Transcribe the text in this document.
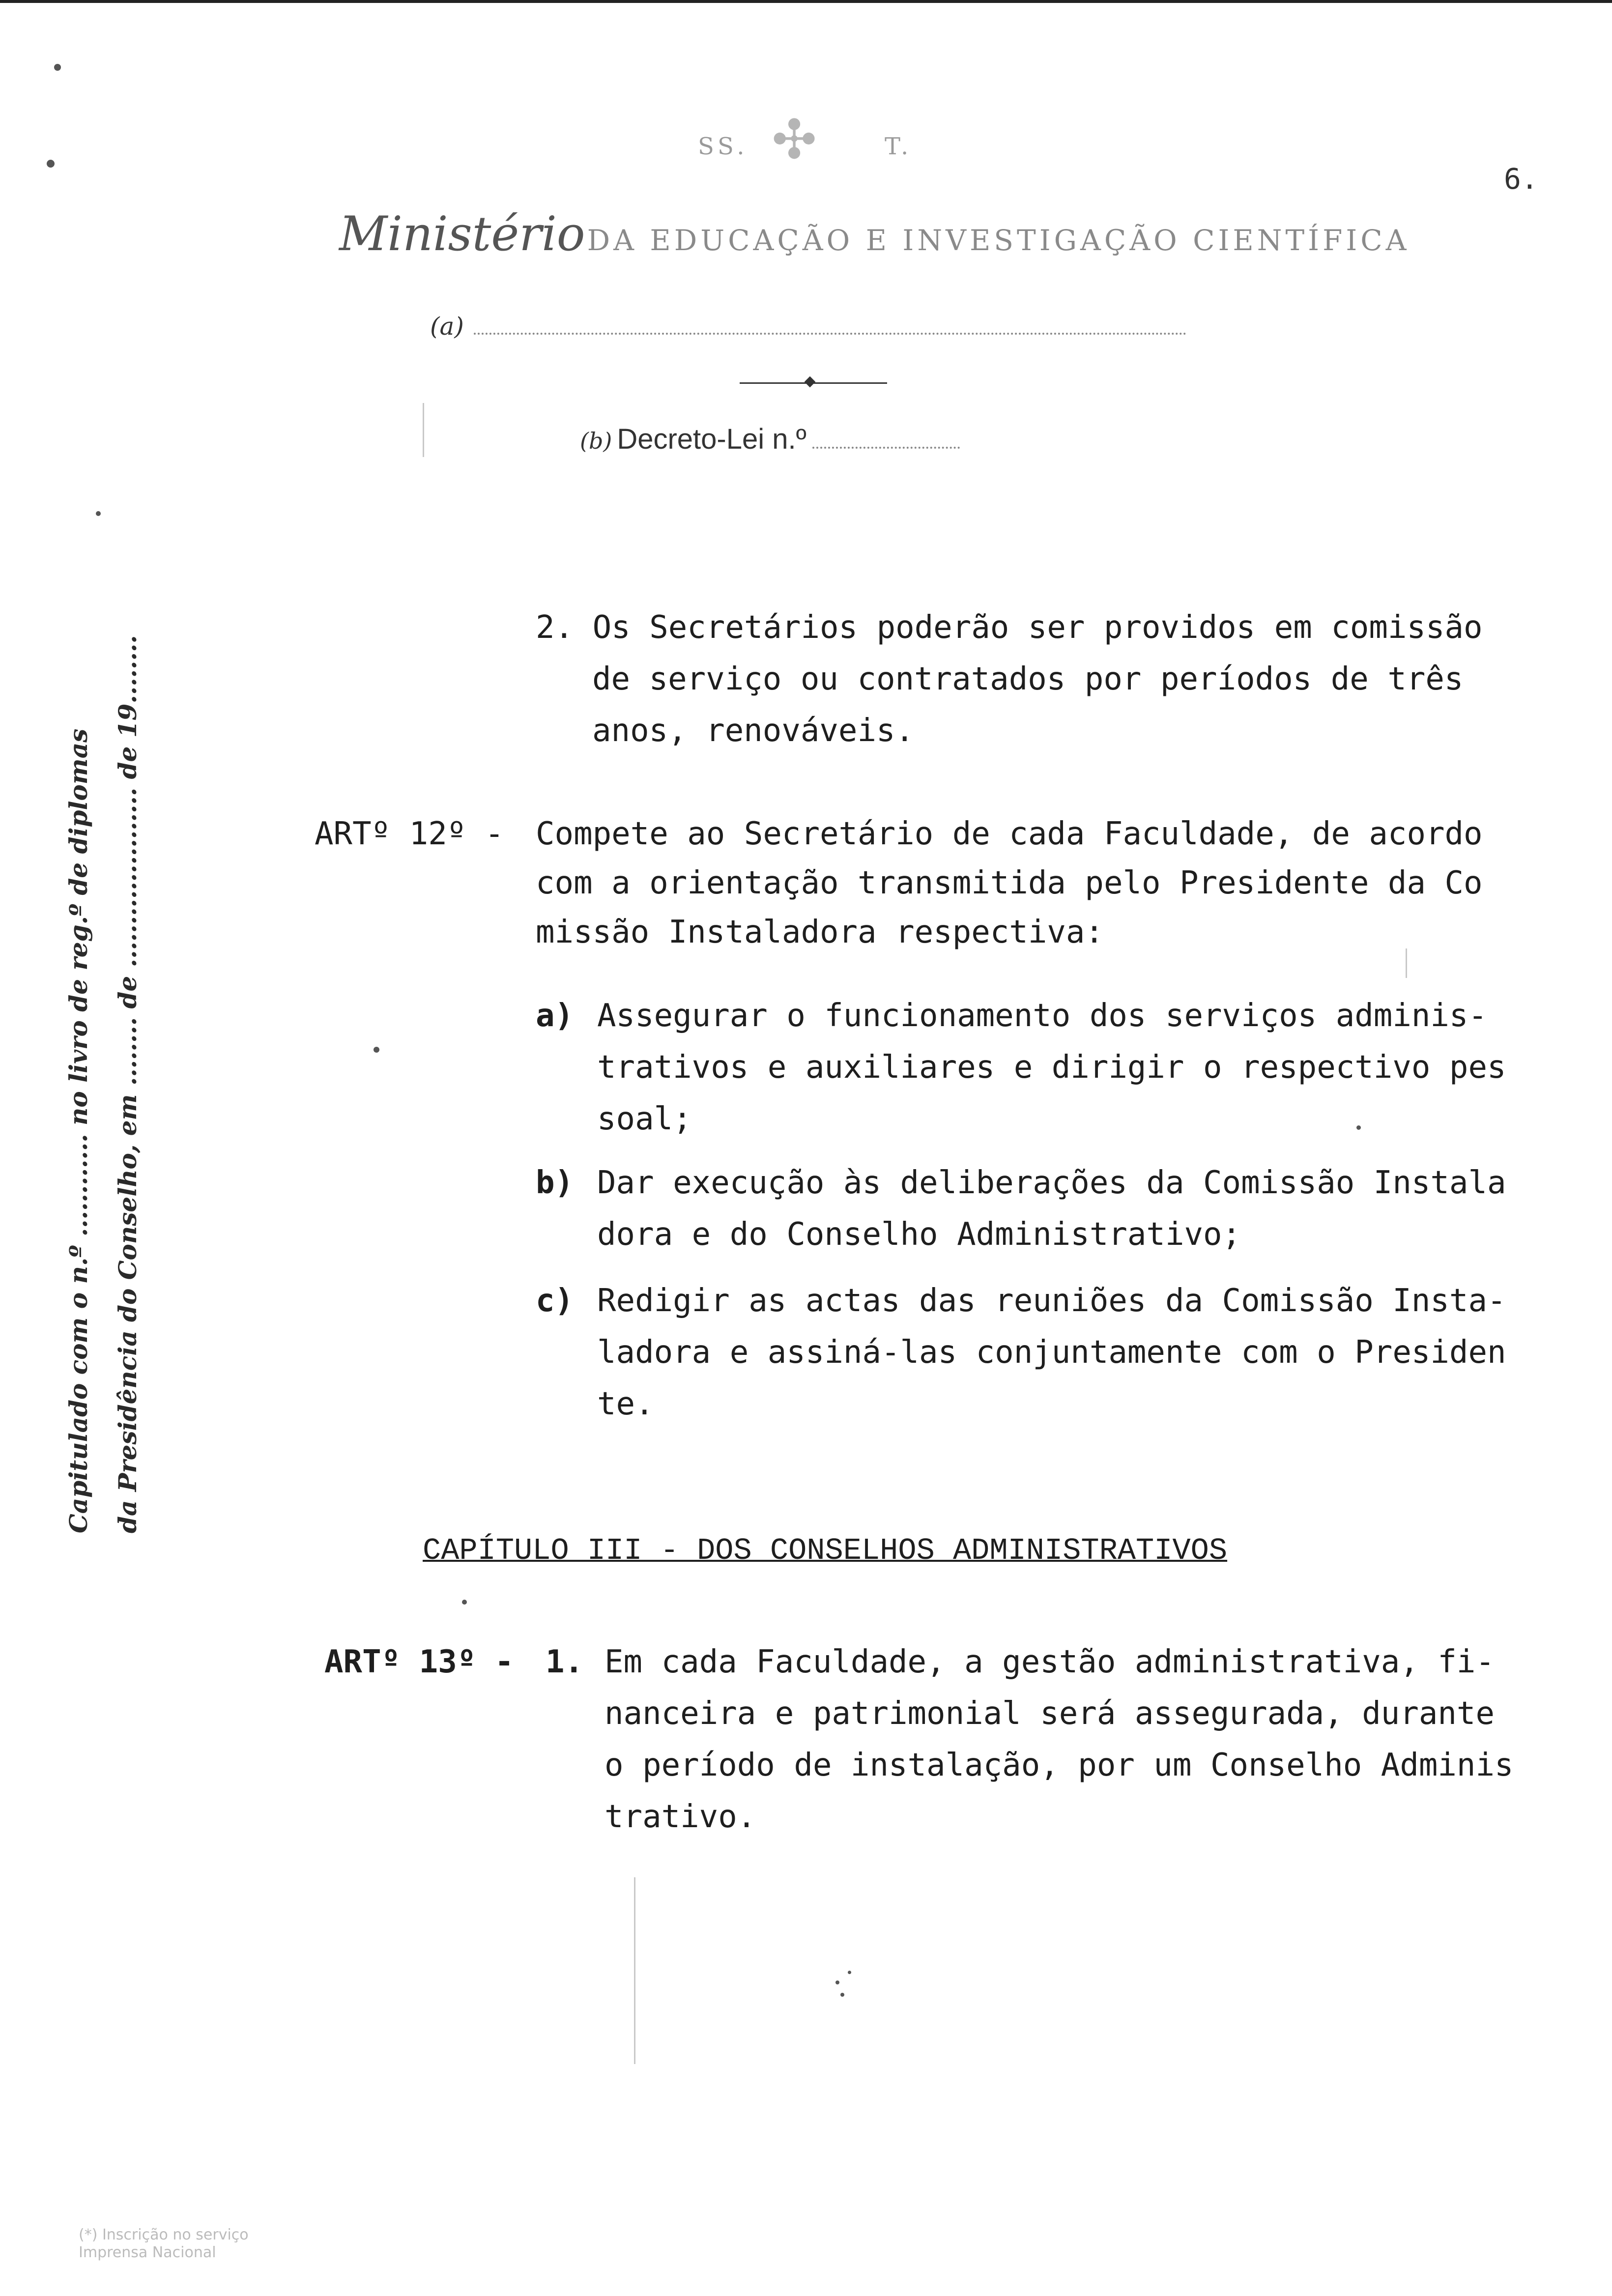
SS. ✣	T.
6.
Ministério DA EDUCAÇÃO E INVESTIGAÇÃO CIENTÍFICA
(a)
(b) Decreto-Lei n.º
Capitulado com o n.º ............ no livro de reg.º de diplomas da Presidência do Conselho, em ........ de ..................... de 19........
2. Os Secretários poderão ser providos em comissão
de serviço ou contratados por períodos de três
anos, renováveis.
ARTº 12º - Compete ao Secretário de cada Faculdade, de acordo
com a orientação transmitida pelo Presidente da Co
missão Instaladora respectiva:
a) Assegurar o funcionamento dos serviços adminis-
trativos e auxiliares e dirigir o respectivo pes
soal;
b) Dar execução às deliberações da Comissão Instala
dora e do Conselho Administrativo;
c) Redigir as actas das reuniões da Comissão Insta-
ladora e assiná-las conjuntamente com o Presiden
te.
ARTº 13º - 1. Em cada Faculdade, a gestão administrativa, fi-
nanceira e patrimonial será assegurada, durante
o período de instalação, por um Conselho Adminis
trativo.
CAPÍTULO III - DOS CONSELHOS ADMINISTRATIVOS
(*) Inscrição no serviço
Imprensa Nacional
